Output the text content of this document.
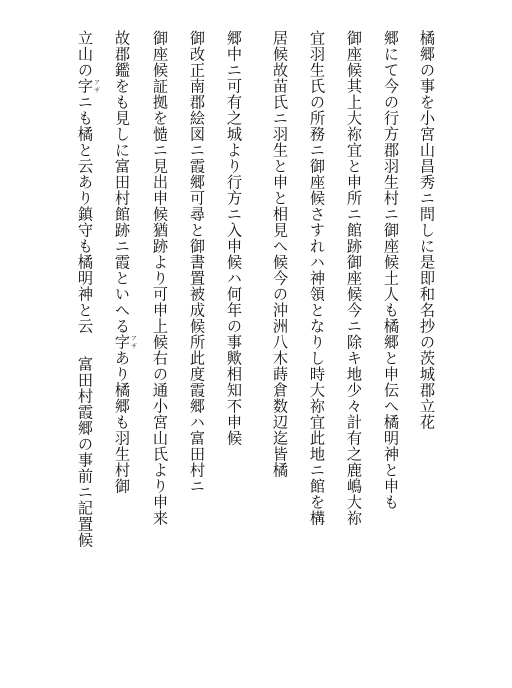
橘郷の事を小宮山昌秀ニ問しに是即和名抄の茨城郡立花
郷にて今の行方郡羽生村ニ御座候土人も橘郷と申伝へ橘明神と申も
御座候其上大祢宜と申所ニ館跡御座候今ニ除キ地少々計有之鹿嶋大祢
宜羽生氏の所務ニ御座候さすれハ神領となりし時大祢宜此地ニ館を構
居候故苗氏ニ羽生と申と相見へ候今の沖洲八木蒔倉数辺迄皆橘
郷中ニ可有之城より行方ニ入申候ハ何年の事歟相知不申候
御改正南郡絵図ニ霞郷可尋と御書置被成候所此度霞郷ハ富田村ニ
御座候証拠を慥ニ見出申候猶跡より可申上候右の通小宮山氏より申来
故郡鑑をも見しに富田村館跡ニ霞といへる字アザあり橘郷も羽生村御
立山の字アザニも橘と云あり鎮守も橘明神と云富田村霞郷の事前ニ記置候
